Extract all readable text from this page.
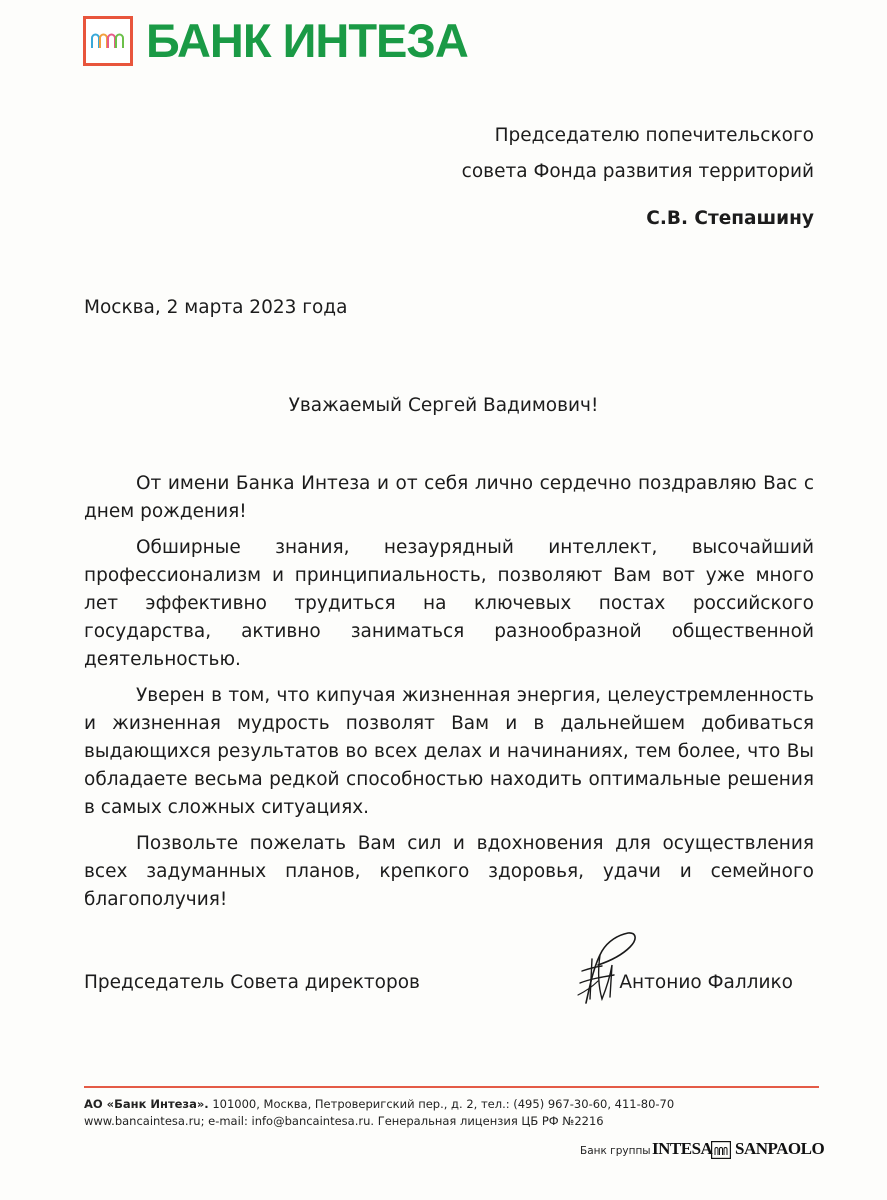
БАНК ИНТЕЗА
Председателю попечительского
совета Фонда развития территорий
С.В. Степашину
Москва, 2 марта 2023 года
Уважаемый Сергей Вадимович!

От имени Банка Интеза и от себя лично сердечно поздравляю Вас с днем рождения!

Обширные знания, незаурядный интеллект, высочайший профессионализм и принципиальность, позволяют Вам вот уже много лет эффективно трудиться на ключевых постах российского государства, активно заниматься разнообразной общественной деятельностью.

Уверен в том, что кипучая жизненная энергия, целеустремленность и жизненная мудрость позволят Вам и в дальнейшем добиваться выдающихся результатов во всех делах и начинаниях, тем более, что Вы обладаете весьма редкой способностью находить оптимальные решения в самых сложных ситуациях.

Позвольте пожелать Вам сил и вдохновения для осуществления всех задуманных планов, крепкого здоровья, удачи и семейного благополучия!

Председатель Совета директоров	Антонио Фаллико
АО «Банк Интеза». 101000, Москва, Петроверигский пер., д. 2, тел.: (495) 967-30-60, 411-80-70
www.bancaintesa.ru; e-mail: info@bancaintesa.ru. Генеральная лицензия ЦБ РФ №2216
Банк группы INTESA SANPAOLO
